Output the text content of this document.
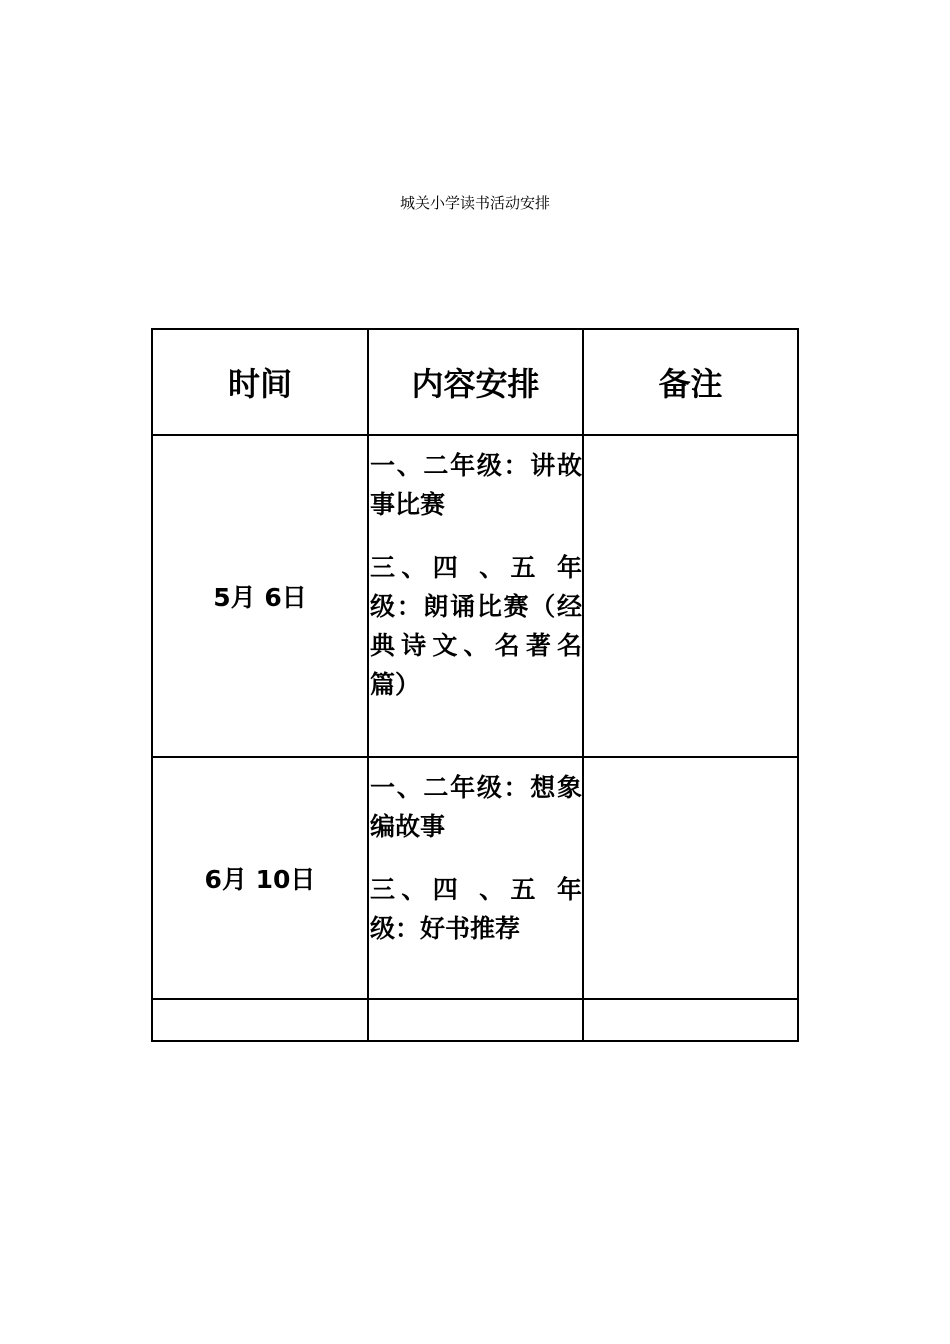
城关小学读书活动安排
时间	内容安排	备注
5月 6日	一、二年级：讲故事比赛
三、四 、五 年级：朗诵比赛（经典诗文、名著名篇）	

6月 10日	一、二年级：想象编故事
三、四 、五 年级：好书推荐	
